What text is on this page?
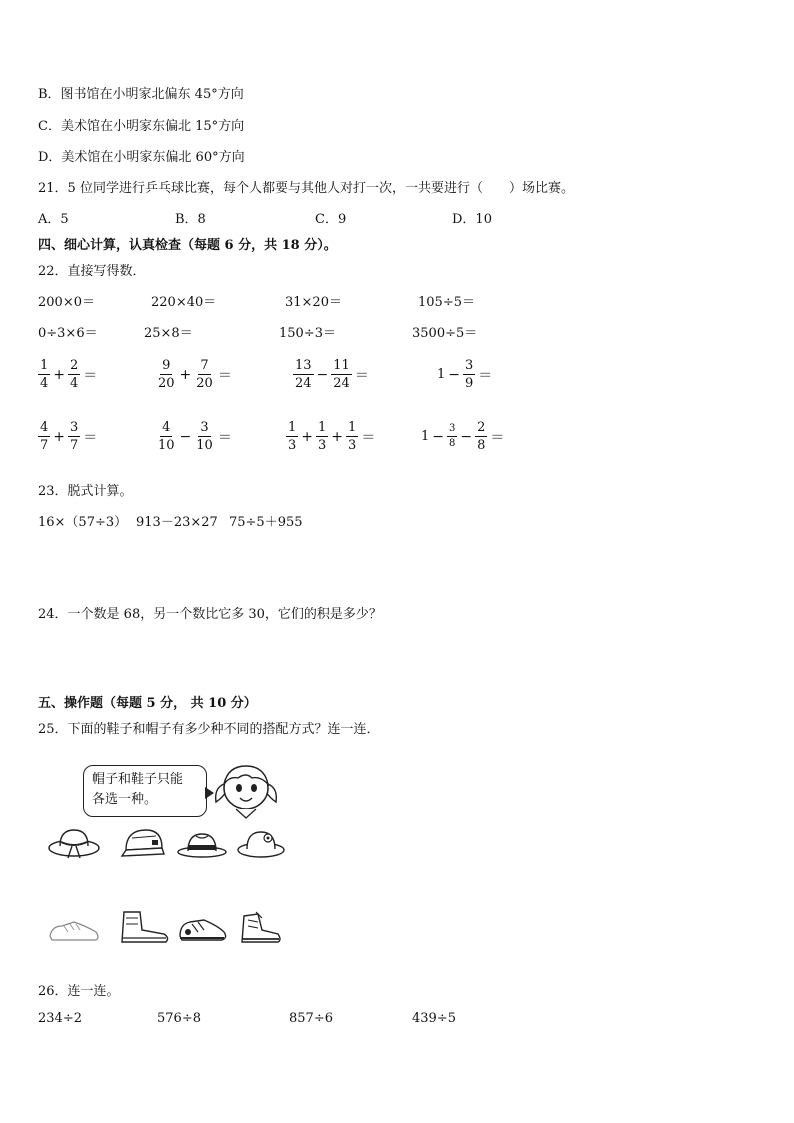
B．图书馆在小明家北偏东 45°方向
C．美术馆在小明家东偏北 15°方向
D．美术馆在小明家东偏北 60°方向
21．5 位同学进行乒乓球比赛，每个人都要与其他人对打一次，一共要进行（　　）场比赛。
A．5	B．8	C．9	D．10
四、细心计算，认真检查（每题 6 分，共 18 分）。
22．直接写得数．
200×0＝	220×40＝	31×20＝	105÷5＝
0÷3×6＝	25×8＝	150÷3＝	3500÷5＝
$\frac{1}{4} + \frac{2}{4}$ ＝	$\frac{9}{20} + \frac{7}{20}$ ＝	$\frac{13}{24} - \frac{11}{24}$ ＝	$1 - \frac{3}{9}$ ＝
$\frac{4}{7} + \frac{3}{7}$ ＝	$\frac{4}{10} - \frac{3}{10}$ ＝	$\frac{1}{3} + \frac{1}{3} + \frac{1}{3}$ ＝	$1 - \frac{3}{8} - \frac{2}{8}$ ＝
23．脱式计算。
16×（57÷3） 913－23×27 75÷5＋955
24．一个数是 68，另一个数比它多 30，它们的积是多少？
五、操作题（每题 5 分， 共 10 分）
25．下面的鞋子和帽子有多少种不同的搭配方式？连一连．
帽子和鞋子只能
各选一种。
26．连一连。
234÷2	576÷8	857÷6	439÷5
